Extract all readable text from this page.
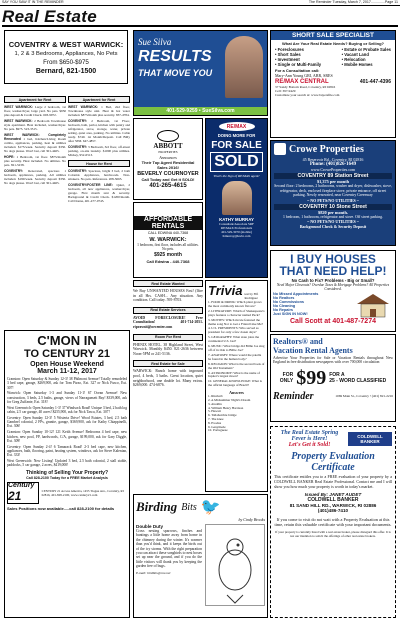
SAY YOU SAW IT IN THE REMINDER	The Reminder Tuesday, March 7, 2017..............Page 11
Real Estate
COVENTRY & WEST WARWICK:
1, 2 & 3 Bedrooms, Appliances, No Pets
From $650-$975
Bernard, 821-1500
Apartment for Rent
WEST WARWICK: Large 2 bedroom, 1st floor, washer/dryer, large yard. No pets. $950 plus deposit & Credit Check. 603-9972.
WEST WARWICK: 2 Bedroom Townhouse style apartment. Heat included, washer/dryer. No pets. $975. 523-3515.
WEST WARWICK: Completely Renovated 1 bed, Kitchen/Living Room combo, appliances, parking, heat & utilities included. $175/week. Security deposit $350. No dogs please. Won't last, call 301-4465.
HOPE: 1 Bedroom, 1st floor. $875/month plus security. Heat included. No utilities. No pets. 821-5238.
COVENTRY: Renovated, spacious 1 bedroom, appliances, parking. All utilities included. $190/week. Security deposit $350. No dogs please. Won't last, call 301-4465.
Apartment for Rent
WEST WARWICK: 1 Bed, 2nd floor, Townhouse style unit. Heat & hot water included. $875/month plus security. 837-4784.
COVENTRY: 2 Bedroom, 1st Floor, bedroom, bath, parlor, kitchen with pantry and refrigerator, stove, storage, water, private setting, quiet area, parking. No utilities. Cable ready. $740. 1st Month/Deposit. Call Billy after 5PM. 647-4857.
COVENTRY: 3 Bedroom, 3rd floor, off-street parking, on-site laundry. $1000 plus utilities. Mickey, 952-6513.
House for Rent
COVENTRY: Spacious, bright 3 bed, 2 bath Colonial. Appliances, hardwoods. Non-smokers. No pets. References. 208-3665.
COVENTRY/FOSTER LINE: Quiet, 2 bedroom, all new appliances, washer/dryer, garage. First month rent & security. Background & Credit Check. $1200/month. Call Donna, 401-477-0745.
C'MON IN
TO CENTURY 21
Open House Weekend
March 11-12, 2017
Cranston: Open Saturday & Sunday 12-3! 38 Philmont Avenue! Totally remodeled 3 bed cape, garage, $269,900, ask for Tom Pizzo, Ext. 327 or Nick Fusco, Ext. 307!
Warwick: Open Saturday 1-3 and Sunday 11-1! 67 Ocean Avenue! New construction, 3 beds, 2.5 baths, garage, views of Narragansett Bay! $339,000, ask for Greg Zuffante, Ext. 318!
West Greenwich: Open Saturday 1-3! 37 Windsock Road! Unique 3 bed, 2 bath log cabin, 2.5 car garage, 40 acres! $255,900, ask for Nick Tasca, Ext. 307!
Coventry: Open Sunday 12-3! 5 Wisteria Drive! Wood Estates, 3 bed, 2.5 bath Gambrel colonial, 2 FPs, granite, garage, $369,900, ask for Kathy Chiappinelli, Ext. 306!
Cranston: Open Sunday 10-12! 121 Keith Avenue! Bedrooms 4 bed cape, new kitchen, new pool, FP, hardwoods, C/A, garage, $199,000, ask for Gary Diggle, Ext. 309!
Coventry: Open Sunday 2-4! 6 Tamarack Road! 2-3 bed cape, new kitchen, appliances, bath, flooring, paint, heating system, windows, ask for Steve Kalenian, Ext. 333!
West Greenwich: New Listing! Updated 3 bed, 2.5 bath colonial, 2 stall stable, paddocks, 5 car garage, 2 acres, $419,000!
Thinking of Selling Your Property?
Call 828-2100 Today for a FREE Market Analysis
Century 21	CENTURY 21 Access America, 1455 Tiogue Ave., Coventry, RI 02816, 401-828-2100, www.century21.com
Sales Positions now available.....call 828-2100 for details
Sue Silva
RESULTS
THAT MOVE YOU
401-529-9259 • SueSilva.com
ABBOTT
PROPERTIES
Announces
Their Top Agent Residential Sales 2016!
BEVERLY COURNOYER
Call Today and Get it SOLD!
401-265-4615
RE/MAX
DOING MORE FOR
FOR SALE
SOLD
That's the Sign of RE/MAX agent!
KATHY MURRAY
Consultant/Associate SRF
RE/MAX Professionals
401-529-3070 (mobile)
Kmurray@kwin.com
AFFORDABLE
RENTALS
CALL EDWINA 440-7368
W. WARWICK:
1 bedroom, first floor, includes all utilities. No pets.
$925 month
Call Edwina - 440-7368
Real Estate Wanted
We Buy UNWANTED HOUSES Fast! (Ifire in all Hrs. CASH... Any situation. Any condition. Call today. 595-8703.
Real Estate Services
AVOID FORECLOSURE! Free Consultation! 401-714-2051. ripravnit@oecenter.com
Room For Rent
PHENIX HOTEL. 38 Highland Street, West Warwick. Monthly $450. 821-2636 between Noon-5PM or 241-5136.
Real Estate for Sale
WARWICK: Ranch home with inground pool, 4 beds, 3 baths. Great location, quiet neighborhood, one double lot. Many extras. $269,000. 474-6876.
Trivia test by Fifi Rodriguez
1. FOOD & DRINK: Which plant grows the most commonly known flavors?
2. LITERATURE: Which of Shakespeare's plays features a character named Puck?
3. MOVIES: Which movie featured the theme song Not to Get a Friend Like Me?
4. U.S. PRESIDENTS: Who served as president for only a few dozen days?
5. GEOGRAPHY: What state joins the continental U.S. last?
6. MUSIC: What bridge did Billie Joe sing off of in Ode to Billie Joe?
7. ANATOMY: Where would the patella be found in the human body?
8. RELIGION: What is the second book of the Old Testament?
9. ASTRONOMY: What is the name of Jupiter's largest moon?
10. GENERAL KNOWLEDGE: What is the official language of Brazil?
Answers
1. Rhubarb
2. A Midsummer Night's Dream
3. Aladdin
4. William Henry Harrison
5. Hawaii
6. Tallahatchie bridge
7. The knee
8. Exodus
9. Ganymede
10. Portuguese
Birding Bits 🐦
by Cindy Brooks
Double Duty
Cross nesting sparrows, finches and buntings a little home away from home in the chimney during the winter. It's warmer than you'd think, and it keeps the birds out of the icy storms. With the right preparation you can attract these songbirds to nest boxes set up near the ground, and if you do the little visitors will thank you by keeping the garden free of bugs.
E-mail: birdbits@cox.net
SHORT SALE SPECIALIST
What Are Your Real Estate Needs? Buying or Selling?
• Foreclosures
• Short Sales
• Investment
• Single or Multi-Family
• Estate or Probate Sales
• Vacant Land
• Relocation
• Mobile Homes
For a Consultation call:
Mary-Ann Young GRI, ABR, SRES
RE/MAX CENTRAL	401-447-4396
37 Sandy Bottom Road, Coventry, RI 02816
Cell: 397-9429
Customize your search at: www.buyersfile.com
Crowe Properties
45 Reservoir Rd., Coventry, RI 02816
Phone: (401)826-1649
www.CroweProperties.com
COVENTRY 89 Station Street
$1,375 per month
Second floor: 2 bedrooms, 2 bathrooms, washer and dryer, dishwasher, stove, refrigerator, deck, enclosed fireplace stove, private entrance, off street parking. Newly renovated, near Coventry Greenway
~ NO PETS/NO UTILITIES ~
COVENTRY 10 Stone Street
$820 per month.
1 bedroom, 1 bathroom, refrigerator and stove. Off street parking.
~ NO PETS/NO UTILITIES ~
Background Check & Security Deposit
I BUY HOUSES
THAT NEED HELP!
No Cash to Fix? Problems - Big or Small?
Need Major Closeouts? Overdue Taxes & Mortgage Problems? All Properties Considered.
No Missed Appointments
No Realtors
No Commissions
No Cleaning
No Repairs
Just SIGN IN NOW!
Call Scott at 401-487-7274
Realtors® and
Vacation Rental Agents
Advertise Your Properties for Sale or Vacation Rentals throughout New England in free distribution newspapers with over 700,000 circulation
FOR
ONLY $99 FOR A
25 - WORD CLASSIFIED
Reminder	1069 Main St., Coventry • (401) 821-2216
The Real Estate Spring Fever is Here!
Let's Get it Sold!
COLDWELL BANKER
Property Evaluation Certificate
This certificate entitles you to a FREE evaluation of your property by a COLDWELL BANKER Real Estate Professional. Contact me and I will show you how much your property is worth in today's market.
Issued By: JANET AUDET
COLDWELL BANKER
81 SAND HILL RD., WARWICK, RI 02886
(401)486-7410
If you come to visit do not wait with a Property Evaluation at this time, retain this valuable certificate with your important documents.
If your property is currently listed with a real estate broker, please disregard this offer. It is not our intention to solicit the offerings of other real estate brokers.
